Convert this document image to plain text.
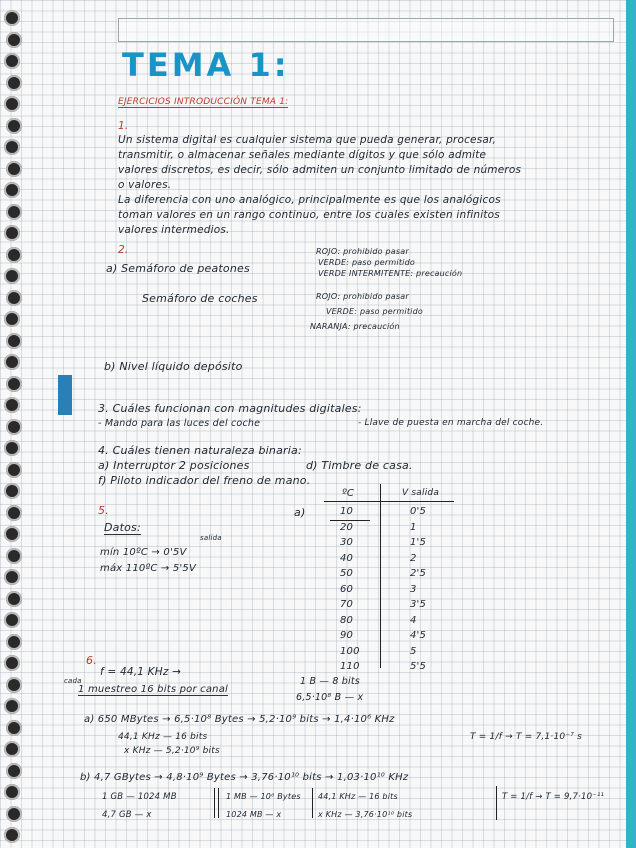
TEMA 1:
EJERCICIOS INTRODUCCIÓN TEMA 1:
1.
Un sistema digital es cualquier sistema que pueda generar, procesar,
transmitir, o almacenar señales mediante dígitos y que sólo admite
valores discretos, es decir, sólo admiten un conjunto limitado de números
o valores.
La diferencia con uno analógico, principalmente es que los analógicos
toman valores en un rango continuo, entre los cuales existen infinitos
valores intermedios.
2.
a) Semáforo de peatones
ROJO: prohibido pasar
VERDE: paso permitido
VERDE INTERMITENTE: precaución
Semáforo de coches	ROJO: prohibido pasar
VERDE: paso permitido
NARANJA: precaución
b) Nivel líquido depósito
3. Cuáles funcionan con magnitudes digitales:
- Mando para las luces del coche	- Llave de puesta en marcha del coche.
4. Cuáles tienen naturaleza binaria:
a) Interruptor 2 posiciones	d) Timbre de casa.
f) Piloto indicador del freno de mano.
5.
Datos:
salida
mín 10ºC → 0'5V
máx 110ºC → 5'5V
a)
ºC	V salida
10	0'5
20	1
30	1'5
40	2
50	2'5
60	3
70	3'5
80	4
90	4'5
100	5
110	5'5
6.
f = 44,1 KHz →
cada
1 muestreo 16 bits por canal
1 B — 8 bits
6,5·10⁸ B — x
a) 650 MBytes → 6,5·10⁸ Bytes → 5,2·10⁹ bits → 1,4·10⁶ KHz
44,1 KHz — 16 bits
x KHz — 5,2·10⁹ bits
T = 1/f → T = 7,1·10⁻⁷ s
b) 4,7 GBytes → 4,8·10⁹ Bytes → 3,76·10¹⁰ bits → 1,03·10¹⁰ KHz
1 GB — 1024 MB
4,7 GB — x
1 MB — 10⁶ Bytes
1024 MB — x
44,1 KHz — 16 bits
x KHz — 3,76·10¹⁰ bits
T = 1/f → T = 9,7·10⁻¹¹
